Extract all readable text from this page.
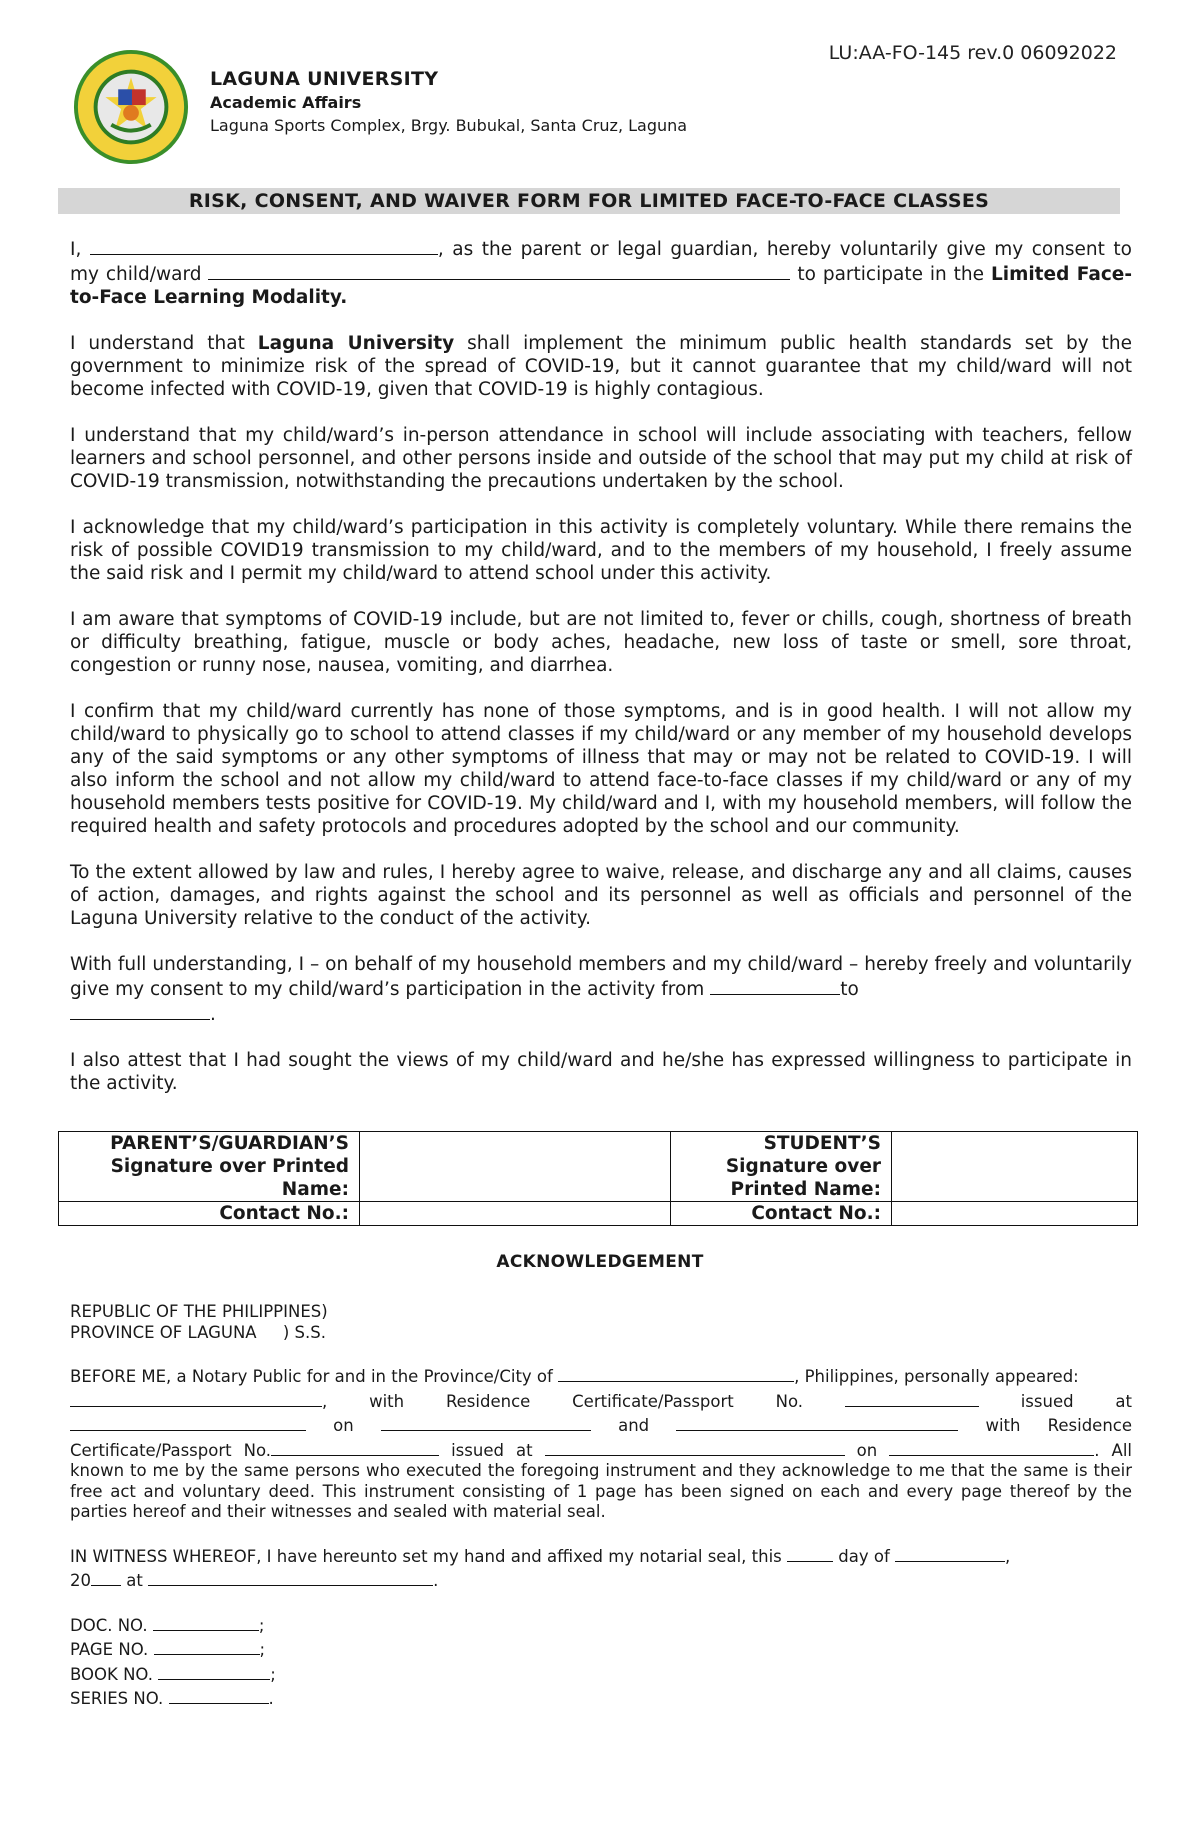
LU:AA-FO-145 rev.0 06092022
LAGUNA UNIVERSITY
Academic Affairs
Laguna Sports Complex, Brgy. Bubukal, Santa Cruz, Laguna
RISK, CONSENT, AND WAIVER FORM FOR LIMITED FACE-TO-FACE CLASSES

I,	, as the parent or legal guardian, hereby voluntarily give my consent to my child/ward	to participate in the Limited Face-to-Face Learning Modality.

I understand that Laguna University shall implement the minimum public health standards set by the government to minimize risk of the spread of COVID-19, but it cannot guarantee that my child/ward will not become infected with COVID-19, given that COVID-19 is highly contagious.

I understand that my child/ward’s in-person attendance in school will include associating with teachers, fellow learners and school personnel, and other persons inside and outside of the school that may put my child at risk of COVID-19 transmission, notwithstanding the precautions undertaken by the school.

I acknowledge that my child/ward’s participation in this activity is completely voluntary. While there remains the risk of possible COVID19 transmission to my child/ward, and to the members of my household, I freely assume the said risk and I permit my child/ward to attend school under this activity.

I am aware that symptoms of COVID-19 include, but are not limited to, fever or chills, cough, shortness of breath or difficulty breathing, fatigue, muscle or body aches, headache, new loss of taste or smell, sore throat, congestion or runny nose, nausea, vomiting, and diarrhea.

I confirm that my child/ward currently has none of those symptoms, and is in good health. I will not allow my child/ward to physically go to school to attend classes if my child/ward or any member of my household develops any of the said symptoms or any other symptoms of illness that may or may not be related to COVID-19. I will also inform the school and not allow my child/ward to attend face-to-face classes if my child/ward or any of my household members tests positive for COVID-19. My child/ward and I, with my household members, will follow the required health and safety protocols and procedures adopted by the school and our community.

To the extent allowed by law and rules, I hereby agree to waive, release, and discharge any and all claims, causes of action, damages, and rights against the school and its personnel as well as officials and personnel of the Laguna University relative to the conduct of the activity.

With full understanding, I – on behalf of my household members and my child/ward – hereby freely and voluntarily give my consent to my child/ward’s participation in the activity from	to
.

I also attest that I had sought the views of my child/ward and he/she has expressed willingness to participate in the activity.

PARENT’S/GUARDIAN’S Signature over Printed Name:		STUDENT’S Signature over Printed Name:	
Contact No.:		Contact No.:	
ACKNOWLEDGEMENT

REPUBLIC OF THE PHILIPPINES)
PROVINCE OF LAGUNA ) S.S.

BEFORE ME, a Notary Public for and in the Province/City of	, Philippines, personally appeared:
, with	Residence	Certificate/Passport	No.	issued	at
on	and	with Residence
Certificate/Passport No.	issued at	on	. All known to me by the same persons who executed the foregoing instrument and they acknowledge to me that the same is their free act and voluntary deed. This instrument consisting of 1 page has been signed on each and every page thereof by the parties hereof and their witnesses and sealed with material seal.

IN WITNESS WHEREOF, I have hereunto set my hand and affixed my notarial seal, this	day of	,
20 at	.

DOC. NO.	;
PAGE NO.	;
BOOK NO.	;
SERIES NO.	.
